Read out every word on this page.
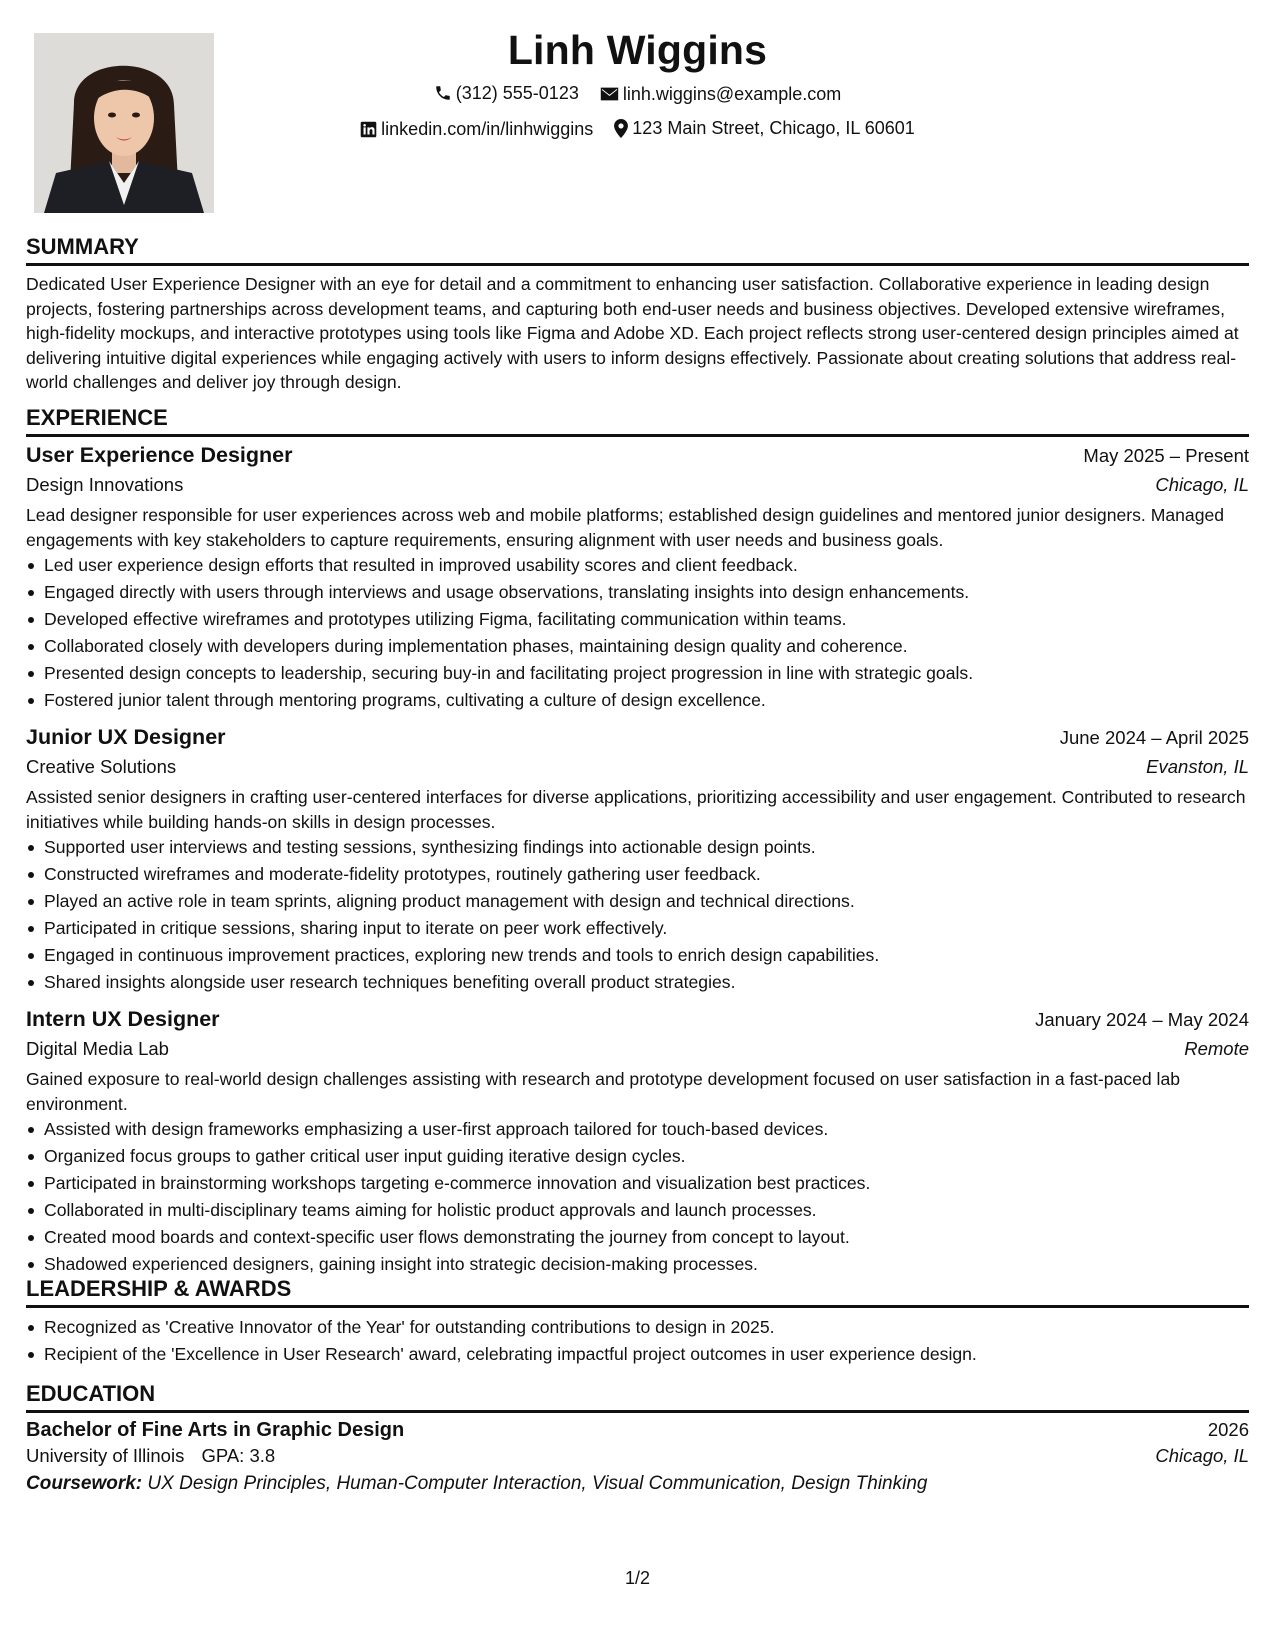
Linh Wiggins
(312) 555-0123
linh.wiggins@example.com
linkedin.com/in/linhwiggins
123 Main Street, Chicago, IL 60601
SUMMARY
Dedicated User Experience Designer with an eye for detail and a commitment to enhancing user satisfaction. Collaborative experience in leading design projects, fostering partnerships across development teams, and capturing both end-user needs and business objectives. Developed extensive wireframes, high-fidelity mockups, and interactive prototypes using tools like Figma and Adobe XD. Each project reflects strong user-centered design principles aimed at delivering intuitive digital experiences while engaging actively with users to inform designs effectively. Passionate about creating solutions that address real-world challenges and deliver joy through design.
EXPERIENCE
User Experience Designer	May 2025 – Present
Design Innovations	Chicago, IL
Lead designer responsible for user experiences across web and mobile platforms; established design guidelines and mentored junior designers. Managed engagements with key stakeholders to capture requirements, ensuring alignment with user needs and business goals.
Led user experience design efforts that resulted in improved usability scores and client feedback.
Engaged directly with users through interviews and usage observations, translating insights into design enhancements.
Developed effective wireframes and prototypes utilizing Figma, facilitating communication within teams.
Collaborated closely with developers during implementation phases, maintaining design quality and coherence.
Presented design concepts to leadership, securing buy-in and facilitating project progression in line with strategic goals.
Fostered junior talent through mentoring programs, cultivating a culture of design excellence.
Junior UX Designer	June 2024 – April 2025
Creative Solutions	Evanston, IL
Assisted senior designers in crafting user-centered interfaces for diverse applications, prioritizing accessibility and user engagement. Contributed to research initiatives while building hands-on skills in design processes.
Supported user interviews and testing sessions, synthesizing findings into actionable design points.
Constructed wireframes and moderate-fidelity prototypes, routinely gathering user feedback.
Played an active role in team sprints, aligning product management with design and technical directions.
Participated in critique sessions, sharing input to iterate on peer work effectively.
Engaged in continuous improvement practices, exploring new trends and tools to enrich design capabilities.
Shared insights alongside user research techniques benefiting overall product strategies.
Intern UX Designer	January 2024 – May 2024
Digital Media Lab	Remote
Gained exposure to real-world design challenges assisting with research and prototype development focused on user satisfaction in a fast-paced lab environment.
Assisted with design frameworks emphasizing a user-first approach tailored for touch-based devices.
Organized focus groups to gather critical user input guiding iterative design cycles.
Participated in brainstorming workshops targeting e-commerce innovation and visualization best practices.
Collaborated in multi-disciplinary teams aiming for holistic product approvals and launch processes.
Created mood boards and context-specific user flows demonstrating the journey from concept to layout.
Shadowed experienced designers, gaining insight into strategic decision-making processes.
LEADERSHIP & AWARDS
Recognized as 'Creative Innovator of the Year' for outstanding contributions to design in 2025.
Recipient of the 'Excellence in User Research' award, celebrating impactful project outcomes in user experience design.
EDUCATION
Bachelor of Fine Arts in Graphic Design	2026
University of Illinois GPA: 3.8	Chicago, IL
Coursework: UX Design Principles, Human-Computer Interaction, Visual Communication, Design Thinking
1/2
